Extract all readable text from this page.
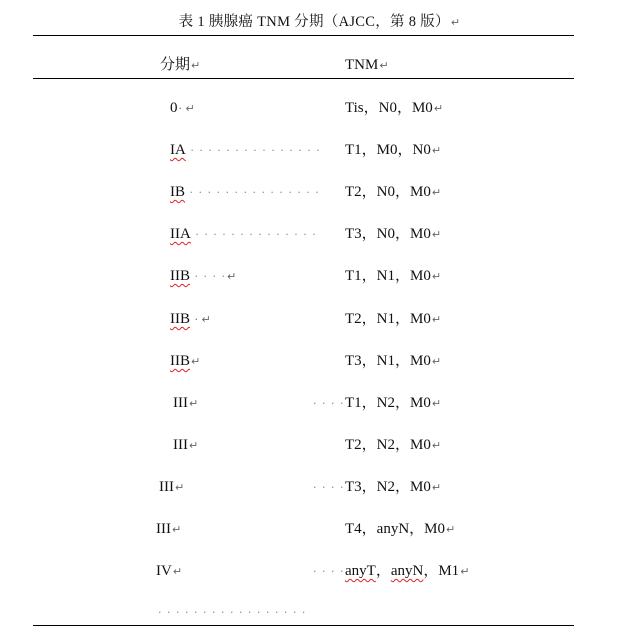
表 1 胰腺癌 TNM 分期（AJCC，第 8 版）↵
分期↵	TNM↵
0· ↵	Tis，N0，M0↵
IA · · · · · · · · · · · · · · · T1，M0，N0↵
IB · · · · · · · · · · · · · · · T2，N0，M0↵
IIA · · · · · · · · · · · · · · T3，N0，M0↵
IIB · · · ·↵	T1，N1，M0↵
IIB · ↵	T2，N1，M0↵
IIB↵	T3，N1，M0↵
III↵	· · · · T1，N2，M0↵
III↵	T2，N2，M0↵
III↵	· · · · T3，N2，M0↵
III↵	T4，anyN，M0↵
IV↵	· · · · anyT，anyN，M1↵
· · · · · · · · · · · · · · · · ·
